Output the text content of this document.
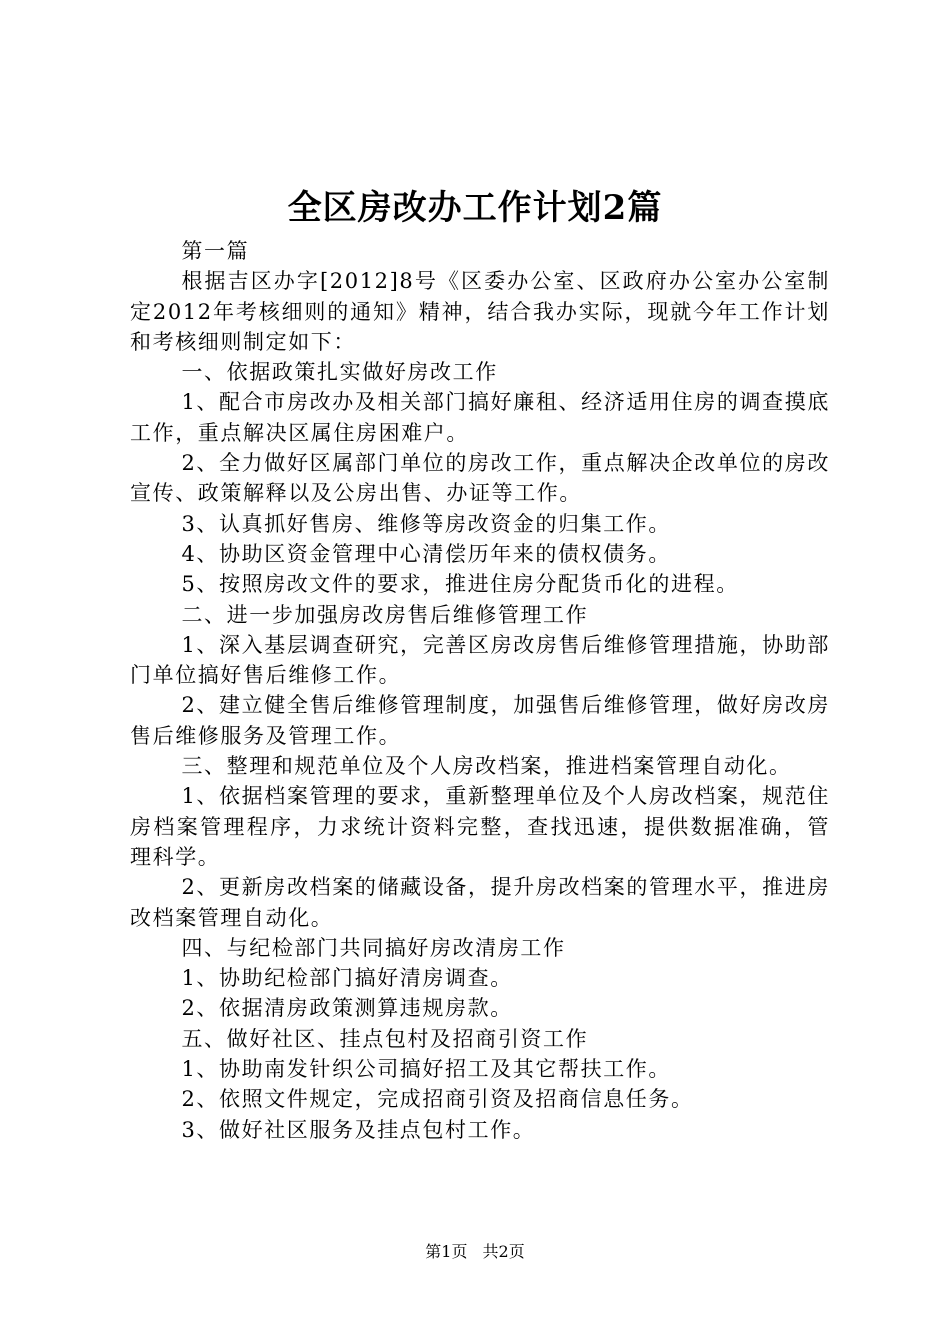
全区房改办工作计划2篇

第一篇

根据吉区办字[2012]8号《区委办公室、区政府办公室办公室制定2012年考核细则的通知》精神，结合我办实际，现就今年工作计划和考核细则制定如下：

一、依据政策扎实做好房改工作

1、配合市房改办及相关部门搞好廉租、经济适用住房的调查摸底工作，重点解决区属住房困难户。

2、全力做好区属部门单位的房改工作，重点解决企改单位的房改宣传、政策解释以及公房出售、办证等工作。

3、认真抓好售房、维修等房改资金的归集工作。

4、协助区资金管理中心清偿历年来的债权债务。

5、按照房改文件的要求，推进住房分配货币化的进程。

二、进一步加强房改房售后维修管理工作

1、深入基层调查研究，完善区房改房售后维修管理措施，协助部门单位搞好售后维修工作。

2、建立健全售后维修管理制度，加强售后维修管理，做好房改房售后维修服务及管理工作。

三、整理和规范单位及个人房改档案，推进档案管理自动化。

1、依据档案管理的要求，重新整理单位及个人房改档案，规范住房档案管理程序，力求统计资料完整，查找迅速，提供数据准确，管理科学。

2、更新房改档案的储藏设备，提升房改档案的管理水平，推进房改档案管理自动化。

四、与纪检部门共同搞好房改清房工作

1、协助纪检部门搞好清房调查。

2、依据清房政策测算违规房款。

五、做好社区、挂点包村及招商引资工作

1、协助南发针织公司搞好招工及其它帮扶工作。

2、依照文件规定，完成招商引资及招商信息任务。

3、做好社区服务及挂点包村工作。

第1页 共2页
